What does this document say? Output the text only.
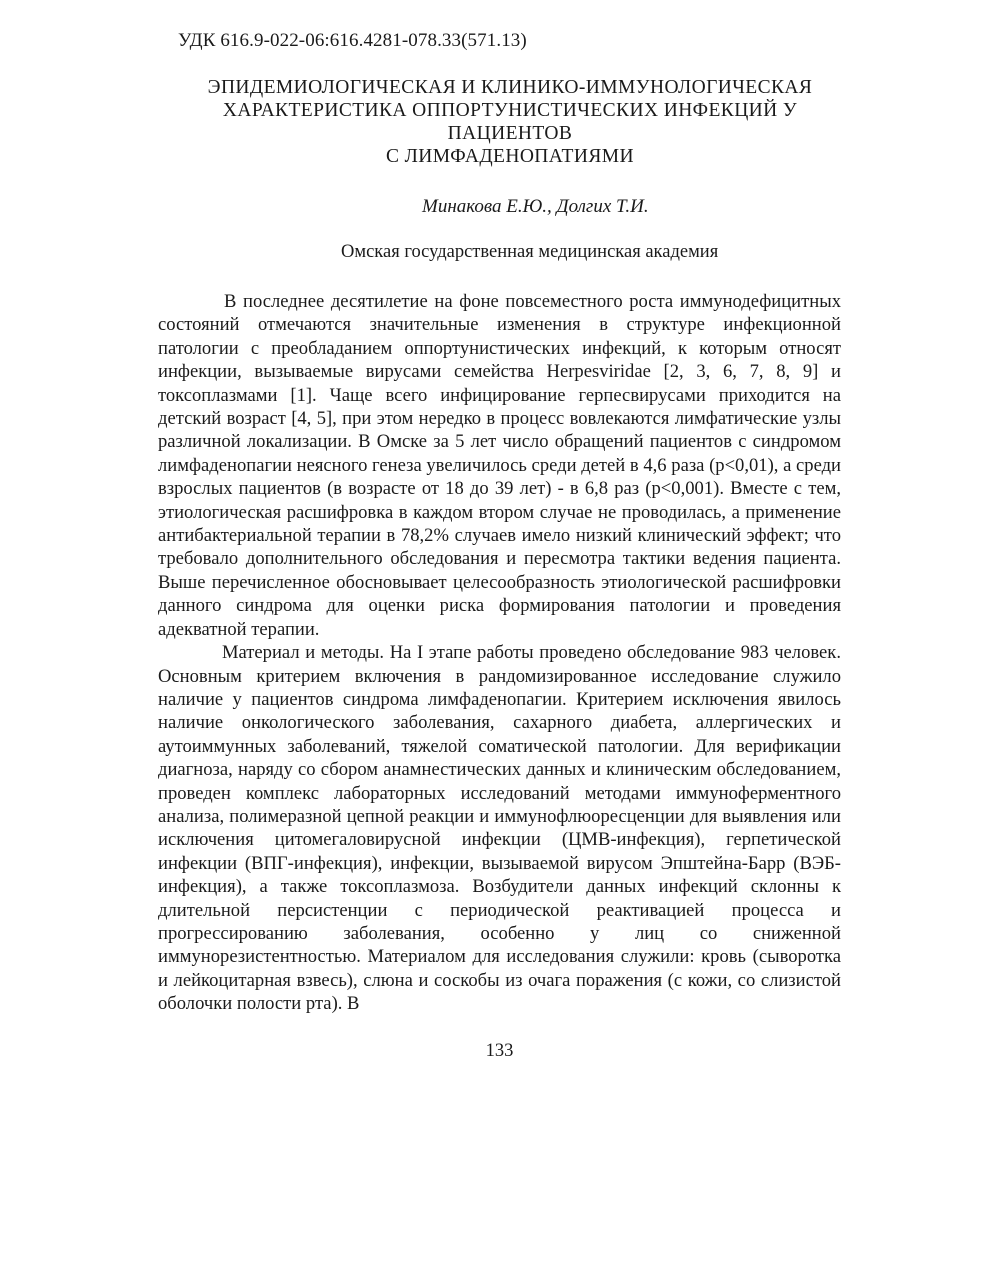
УДК 616.9-022-06:616.4281-078.33(571.13)
ЭПИДЕМИОЛОГИЧЕСКАЯ И КЛИНИКО-ИММУНОЛОГИЧЕСКАЯ
ХАРАКТЕРИСТИКА ОППОРТУНИСТИЧЕСКИХ ИНФЕКЦИЙ У
ПАЦИЕНТОВ
С ЛИМФАДЕНОПАТИЯМИ
Минакова Е.Ю., Долгих Т.И.
Омская государственная медицинская академия

В последнее десятилетие на фоне повсеместного роста иммунодефицитных состояний отмечаются значительные изменения в структуре инфекционной патологии с преобладанием оппортунистических инфекций, к которым относят инфекции, вызываемые вирусами семейства Herpesviridae [2, 3, 6, 7, 8, 9] и токсоплазмами [1]. Чаще всего инфицирование герпесвирусами приходится на детский возраст [4, 5], при этом нередко в процесс вовлекаются лимфатические узлы различной локализации. В Омске за 5 лет число обращений пациентов с синдромом лимфаденопагии неясного генеза увеличилось среди детей в 4,6 раза (p<0,01), а среди взрослых пациентов (в возрасте от 18 до 39 лет) - в 6,8 раз (p<0,001). Вместе с тем, этиологическая расшифровка в каждом втором случае не проводилась, а применение антибактериальной терапии в 78,2% случаев имело низкий клинический эффект; что требовало дополнительного обследования и пересмотра тактики ведения пациента. Выше перечисленное обосновывает целесообразность этиологической расшифровки данного синдрома для оценки риска формирования патологии и проведения адекватной терапии.

Материал и методы. На I этапе работы проведено обследование 983 человек. Основным критерием включения в рандомизированное исследование служило наличие у пациентов синдрома лимфаденопагии. Критерием исключения явилось наличие онкологического заболевания, сахарного диабета, аллергических и аутоиммунных заболеваний, тяжелой соматической патологии. Для верификации диагноза, наряду со сбором анамнестических данных и клиническим обследованием, проведен комплекс лабораторных исследований методами иммуноферментного анализа, полимеразной цепной реакции и иммунофлюоресценции для выявления или исключения цитомегаловирусной инфекции (ЦМВ-инфекция), герпетической инфекции (ВПГ-инфекция), инфекции, вызываемой вирусом Эпштейна-Барр (ВЭБ-инфекция), а также токсоплазмоза. Возбудители данных инфекций склонны к длительной персистенции с периодической реактивацией процесса и прогрессированию заболевания, особенно у лиц со сниженной иммунорезистентностью. Материалом для исследования служили: кровь (сыворотка и лейкоцитарная взвесь), слюна и соскобы из очага поражения (с кожи, со слизистой оболочки полости рта). В

133
